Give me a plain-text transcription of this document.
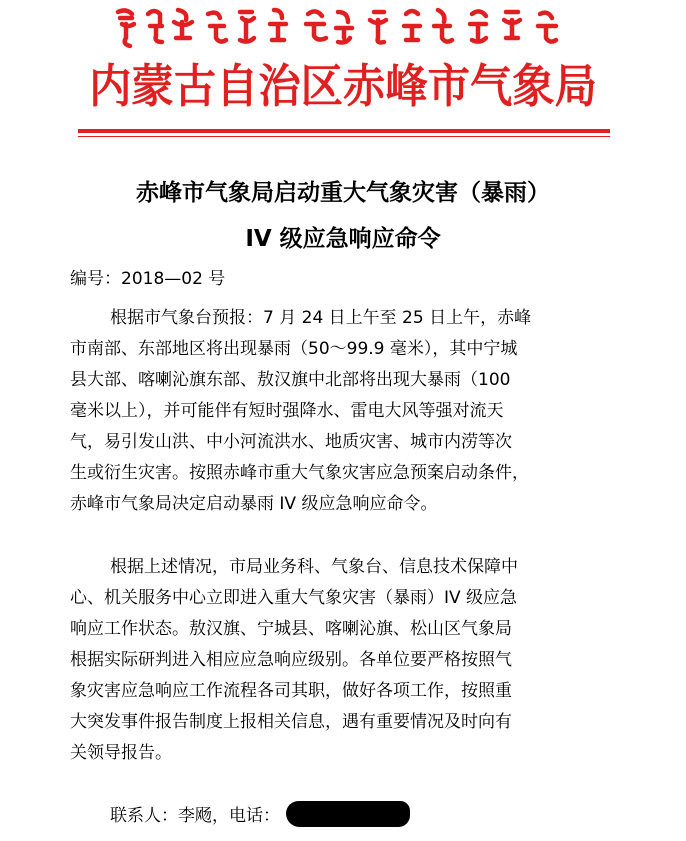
内蒙古自治区赤峰市气象局
赤峰市气象局启动重大气象灾害（暴雨）
IV 级应急响应命令
编号：2018—02 号
根据市气象台预报：7 月 24 日上午至 25 日上午，赤峰
市南部、东部地区将出现暴雨（50～99.9 毫米），其中宁城
县大部、喀喇沁旗东部、敖汉旗中北部将出现大暴雨（100
毫米以上），并可能伴有短时强降水、雷电大风等强对流天
气，易引发山洪、中小河流洪水、地质灾害、城市内涝等次
生或衍生灾害。按照赤峰市重大气象灾害应急预案启动条件，
赤峰市气象局决定启动暴雨 IV 级应急响应命令。
根据上述情况，市局业务科、气象台、信息技术保障中
心、机关服务中心立即进入重大气象灾害（暴雨）IV 级应急
响应工作状态。敖汉旗、宁城县、喀喇沁旗、松山区气象局
根据实际研判进入相应应急响应级别。各单位要严格按照气
象灾害应急响应工作流程各司其职，做好各项工作，按照重
大突发事件报告制度上报相关信息，遇有重要情况及时向有
关领导报告。
联系人：李飏，电话：
